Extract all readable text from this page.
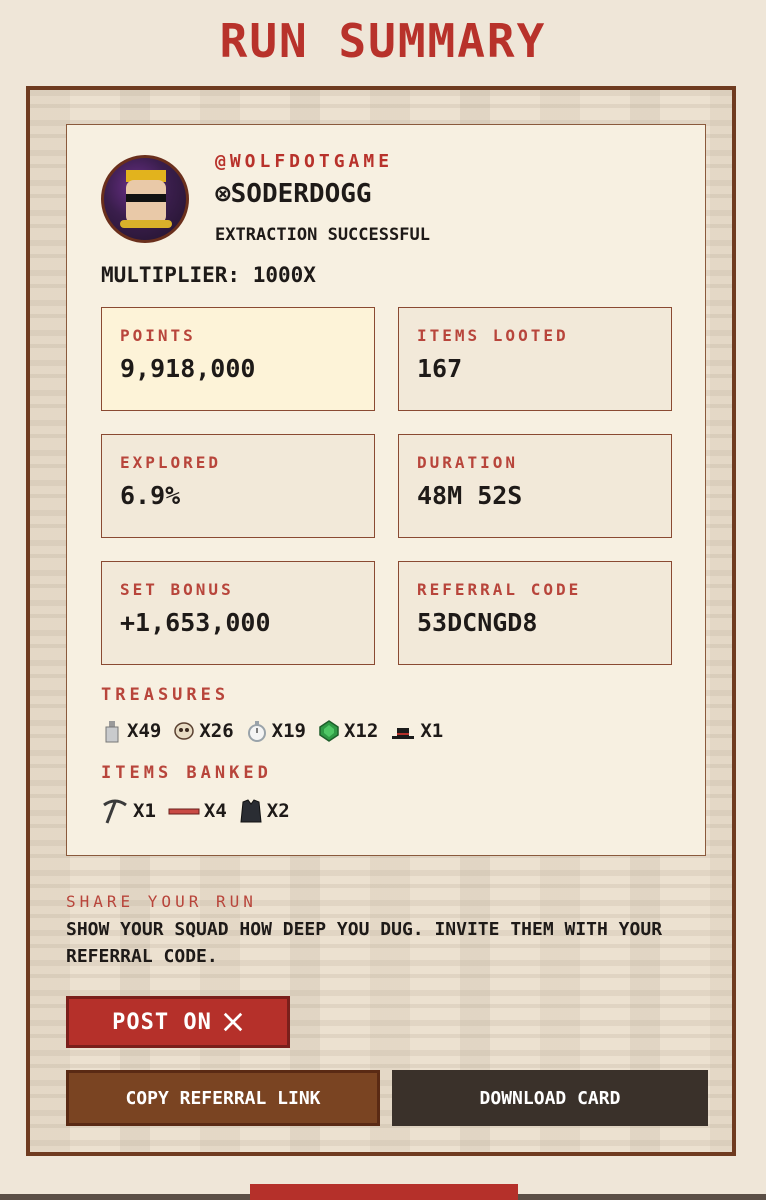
RUN SUMMARY
@WOLFDOTGAME
⊗SODERDOGG
EXTRACTION SUCCESSFUL
MULTIPLIER: 1000X
POINTS
9,918,000
ITEMS LOOTED
167
EXPLORED
6.9%
DURATION
48M 52S
SET BONUS
+1,653,000
REFERRAL CODE
53DCNGD8
TREASURES
X49 X26 X19 X12 X1
ITEMS BANKED
X1	X4 X2
SHARE YOUR RUN
SHOW YOUR SQUAD HOW DEEP YOU DUG. INVITE THEM WITH YOUR REFERRAL CODE.
POST ON
COPY REFERRAL LINK	DOWNLOAD CARD
